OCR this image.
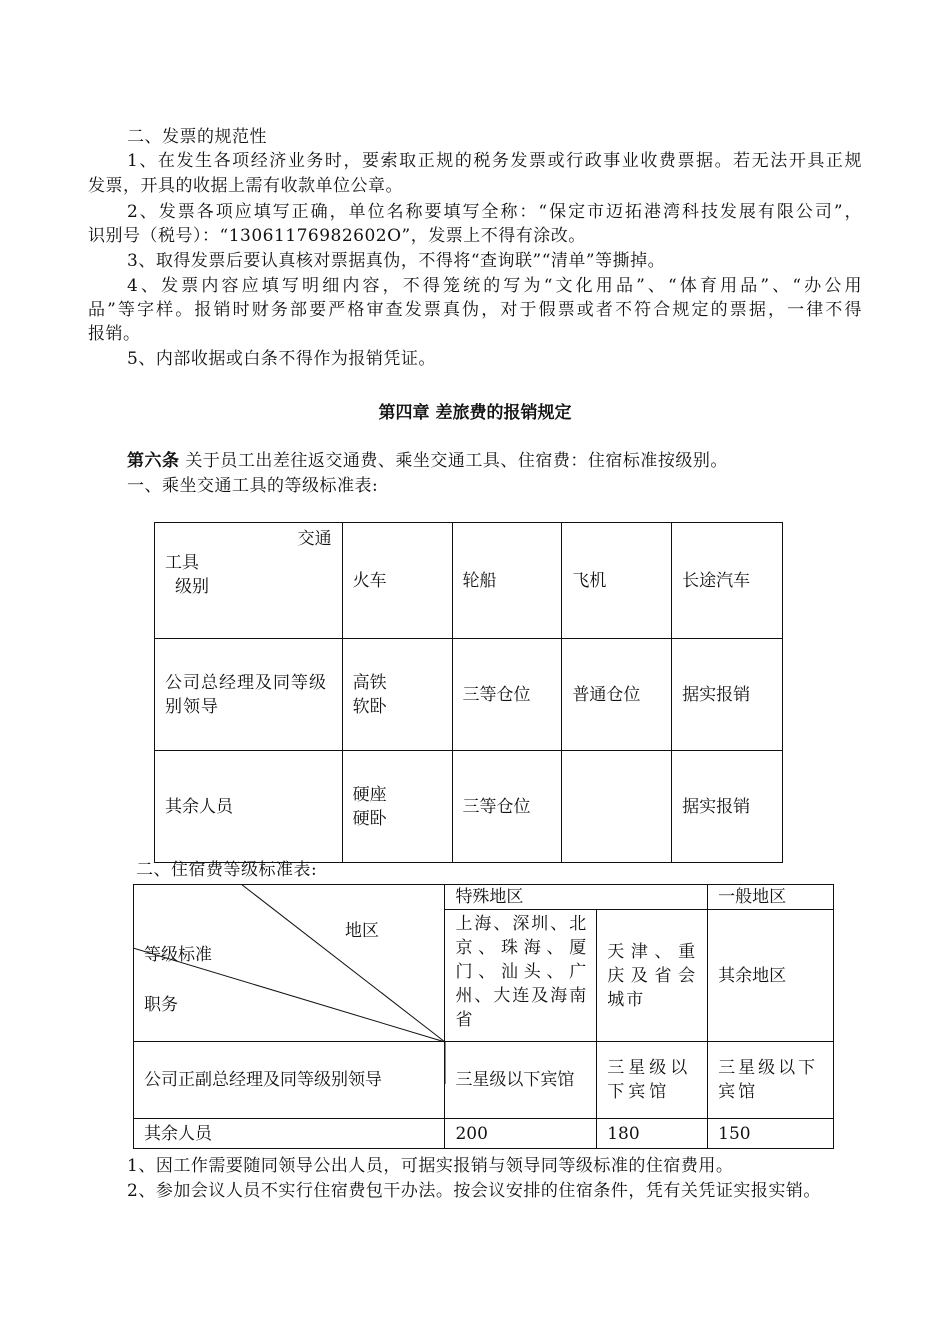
二、发票的规范性
1、在发生各项经济业务时，要索取正规的税务发票或行政事业收费票据。若无法开具正规
发票，开具的收据上需有收款单位公章。
2、发票各项应填写正确，单位名称要填写全称：“保定市迈拓港湾科技发展有限公司”，
识别号（税号）：“13061176982602O”，发票上不得有涂改。
3、取得发票后要认真核对票据真伪，不得将“查询联”“清单”等撕掉。
4、发票内容应填写明细内容，不得笼统的写为“文化用品”、“体育用品”、“办公用
品”等字样。报销时财务部要严格审查发票真伪，对于假票或者不符合规定的票据，一律不得
报销。
5、内部收据或白条不得作为报销凭证。
第四章 差旅费的报销规定
第六条 关于员工出差往返交通费、乘坐交通工具、住宿费：住宿标准按级别。
一、乘坐交通工具的等级标准表:
交通
工具
级别	火车	轮船	飞机	长途汽车
公司总经理及同等级别领导	高铁
软卧	三等仓位	普通仓位	据实报销
其余人员	硬座
硬卧	三等仓位		据实报销
二、住宿费等级标准表:
地区
等级标准
职务	特殊地区		一般地区
	上海、深圳、北京、珠海、厦门、汕头、广州、大连及海南省	天津、重庆及省会城市	其余地区
公司正副总经理及同等级别领导	三星级以下宾馆	三星级以下宾馆	三星级以下宾馆
其余人员	200	180	150
1、因工作需要随同领导公出人员，可据实报销与领导同等级标准的住宿费用。
2、参加会议人员不实行住宿费包干办法。按会议安排的住宿条件，凭有关凭证实报实销。
